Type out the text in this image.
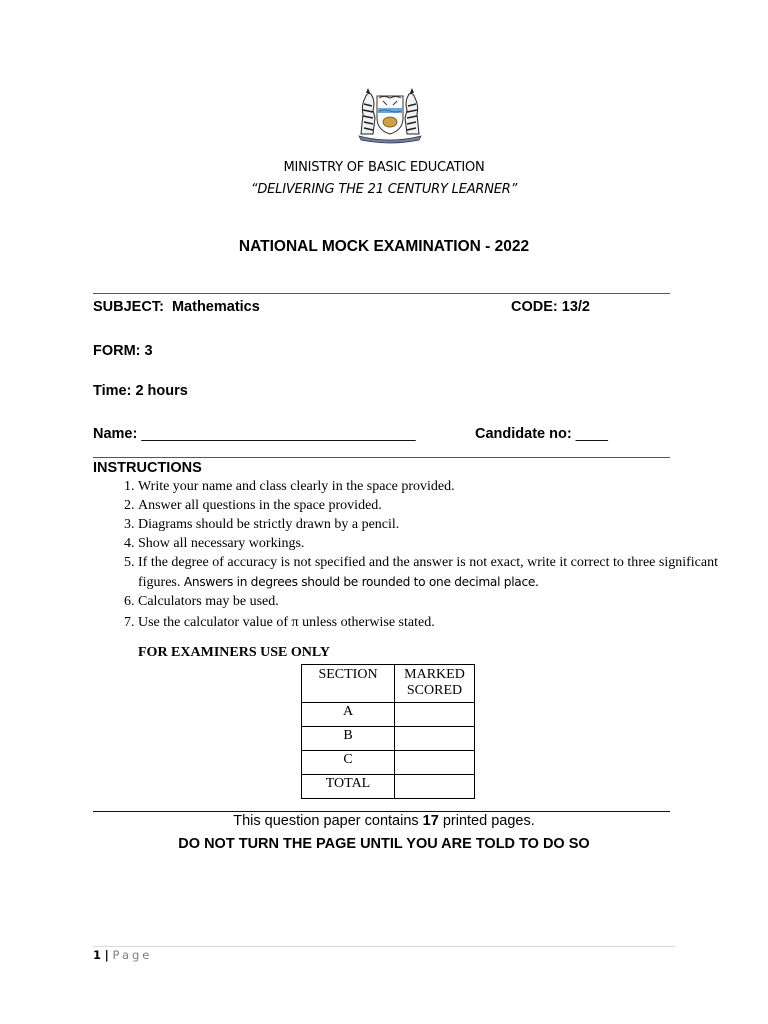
MINISTRY OF BASIC EDUCATION
“DELIVERING THE 21 CENTURY LEARNER”
NATIONAL MOCK EXAMINATION - 2022
SUBJECT: Mathematics	CODE: 13/2
FORM: 3
Time: 2 hours
Name: __________________________________	Candidate no: ____
INSTRUCTIONS
1. Write your name and class clearly in the space provided.
2. Answer all questions in the space provided.
3. Diagrams should be strictly drawn by a pencil.
4. Show all necessary workings.
5. If the degree of accuracy is not specified and the answer is not exact, write it correct to three significant figures. Answers in degrees should be rounded to one decimal place.
6. Calculators may be used.
7. Use the calculator value of π unless otherwise stated.
FOR EXAMINERS USE ONLY
SECTION	MARKED
SCORED
A	
B	
C	
TOTAL	
This question paper contains 17 printed pages.
DO NOT TURN THE PAGE UNTIL YOU ARE TOLD TO DO SO
1 | Page
